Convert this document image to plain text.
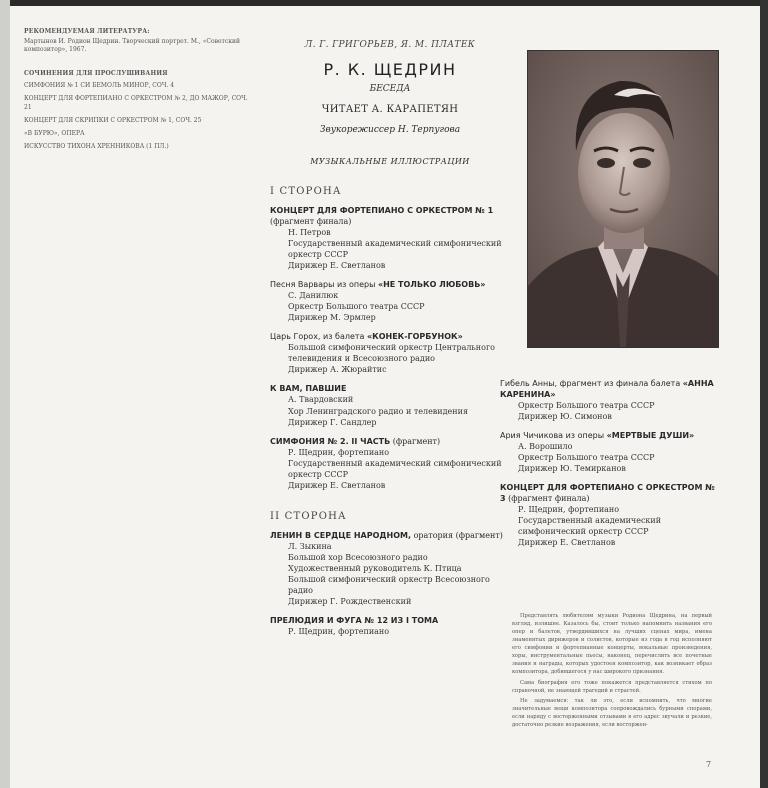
РЕКОМЕНДУЕМАЯ ЛИТЕРАТУРА:
Мартынов И. Родион Щедрин. Творческий портрет. М., «Советский композитор», 1967.
СОЧИНЕНИЯ ДЛЯ ПРОСЛУШИВАНИЯ
СИМФОНИЯ № 1 СИ БЕМОЛЬ МИНОР, СОЧ. 4
КОНЦЕРТ ДЛЯ ФОРТЕПИАНО С ОРКЕСТРОМ № 2, ДО МАЖОР, СОЧ. 21
КОНЦЕРТ ДЛЯ СКРИПКИ С ОРКЕСТРОМ № 1, СОЧ. 25
«В БУРЮ», ОПЕРА
ИСКУССТВО ТИХОНА ХРЕННИКОВА (1 ПЛ.)
Л. Г. ГРИГОРЬЕВ, Я. М. ПЛАТЕК
Р. К. ЩЕДРИН
БЕСЕДА
ЧИТАЕТ А. КАРАПЕТЯН
Звукорежиссер Н. Терпугова
МУЗЫКАЛЬНЫЕ ИЛЛЮСТРАЦИИ
I СТОРОНА
КОНЦЕРТ ДЛЯ ФОРТЕПИАНО С ОРКЕСТРОМ № 1 (фрагмент финала)
Н. Петров
Государственный академический симфонический оркестр СССР
Дирижер Е. Светланов
Песня Варвары из оперы «НЕ ТОЛЬКО ЛЮБОВЬ»
С. Данилюк
Оркестр Большого театра СССР
Дирижер М. Эрмлер
Царь Горох, из балета «КОНЕК-ГОРБУНОК»
Большой симфонический оркестр Центрального телевидения и Всесоюзного радио
Дирижер А. Жюрайтис
К ВАМ, ПАВШИЕ
А. Твардовский
Хор Ленинградского радио и телевидения
Дирижер Г. Сандлер
СИМФОНИЯ № 2. II ЧАСТЬ (фрагмент)
Р. Щедрин, фортепиано
Государственный академический симфонический оркестр СССР
Дирижер Е. Светланов
II СТОРОНА
ЛЕНИН В СЕРДЦЕ НАРОДНОМ, оратория (фрагмент)
Л. Зыкина
Большой хор Всесоюзного радио
Художественный руководитель К. Птица
Большой симфонический оркестр Всесоюзного радио
Дирижер Г. Рождественский
ПРЕЛЮДИЯ И ФУГА № 12 ИЗ I ТОМА
Р. Щедрин, фортепиано
Гибель Анны, фрагмент из финала балета «АННА КАРЕНИНА»
Оркестр Большого театра СССР
Дирижер Ю. Симонов
Ария Чичикова из оперы «МЕРТВЫЕ ДУШИ»
А. Ворошило
Оркестр Большого театра СССР
Дирижер Ю. Темирканов
КОНЦЕРТ ДЛЯ ФОРТЕПИАНО С ОРКЕСТРОМ № 3 (фрагмент финала)
Р. Щедрин, фортепиано
Государственный академический симфонический оркестр СССР
Дирижер Е. Светланов

Представлять любителям музыки Родиона Щедрина, на первый взгляд, излишне. Казалось бы, стоит только напомнить названия его опер и балетов, утвердившихся на лучших сценах мира, имена знаменитых дирижеров и солистов, которые из года в год исполняют его симфонии и фортепианные концерты, вокальные произведения, хоры, инструментальные пьесы, наконец, перечислить все почетные звания и награды, которых удостоен композитор, как возникает образ композитора, добившегося у нас широкого признания.

Сама биография его тоже покажется представляется стихом по справочной, не знающей трагедий и страстей.

Не задумаемся: так ли это, если вспомнить, что многие значительные вещи композитора сопровождались бурными спорами, если наряду с восторженными отзывами в его адрес звучали и резкие, достаточно резкие возражения, если восторжен-

7
